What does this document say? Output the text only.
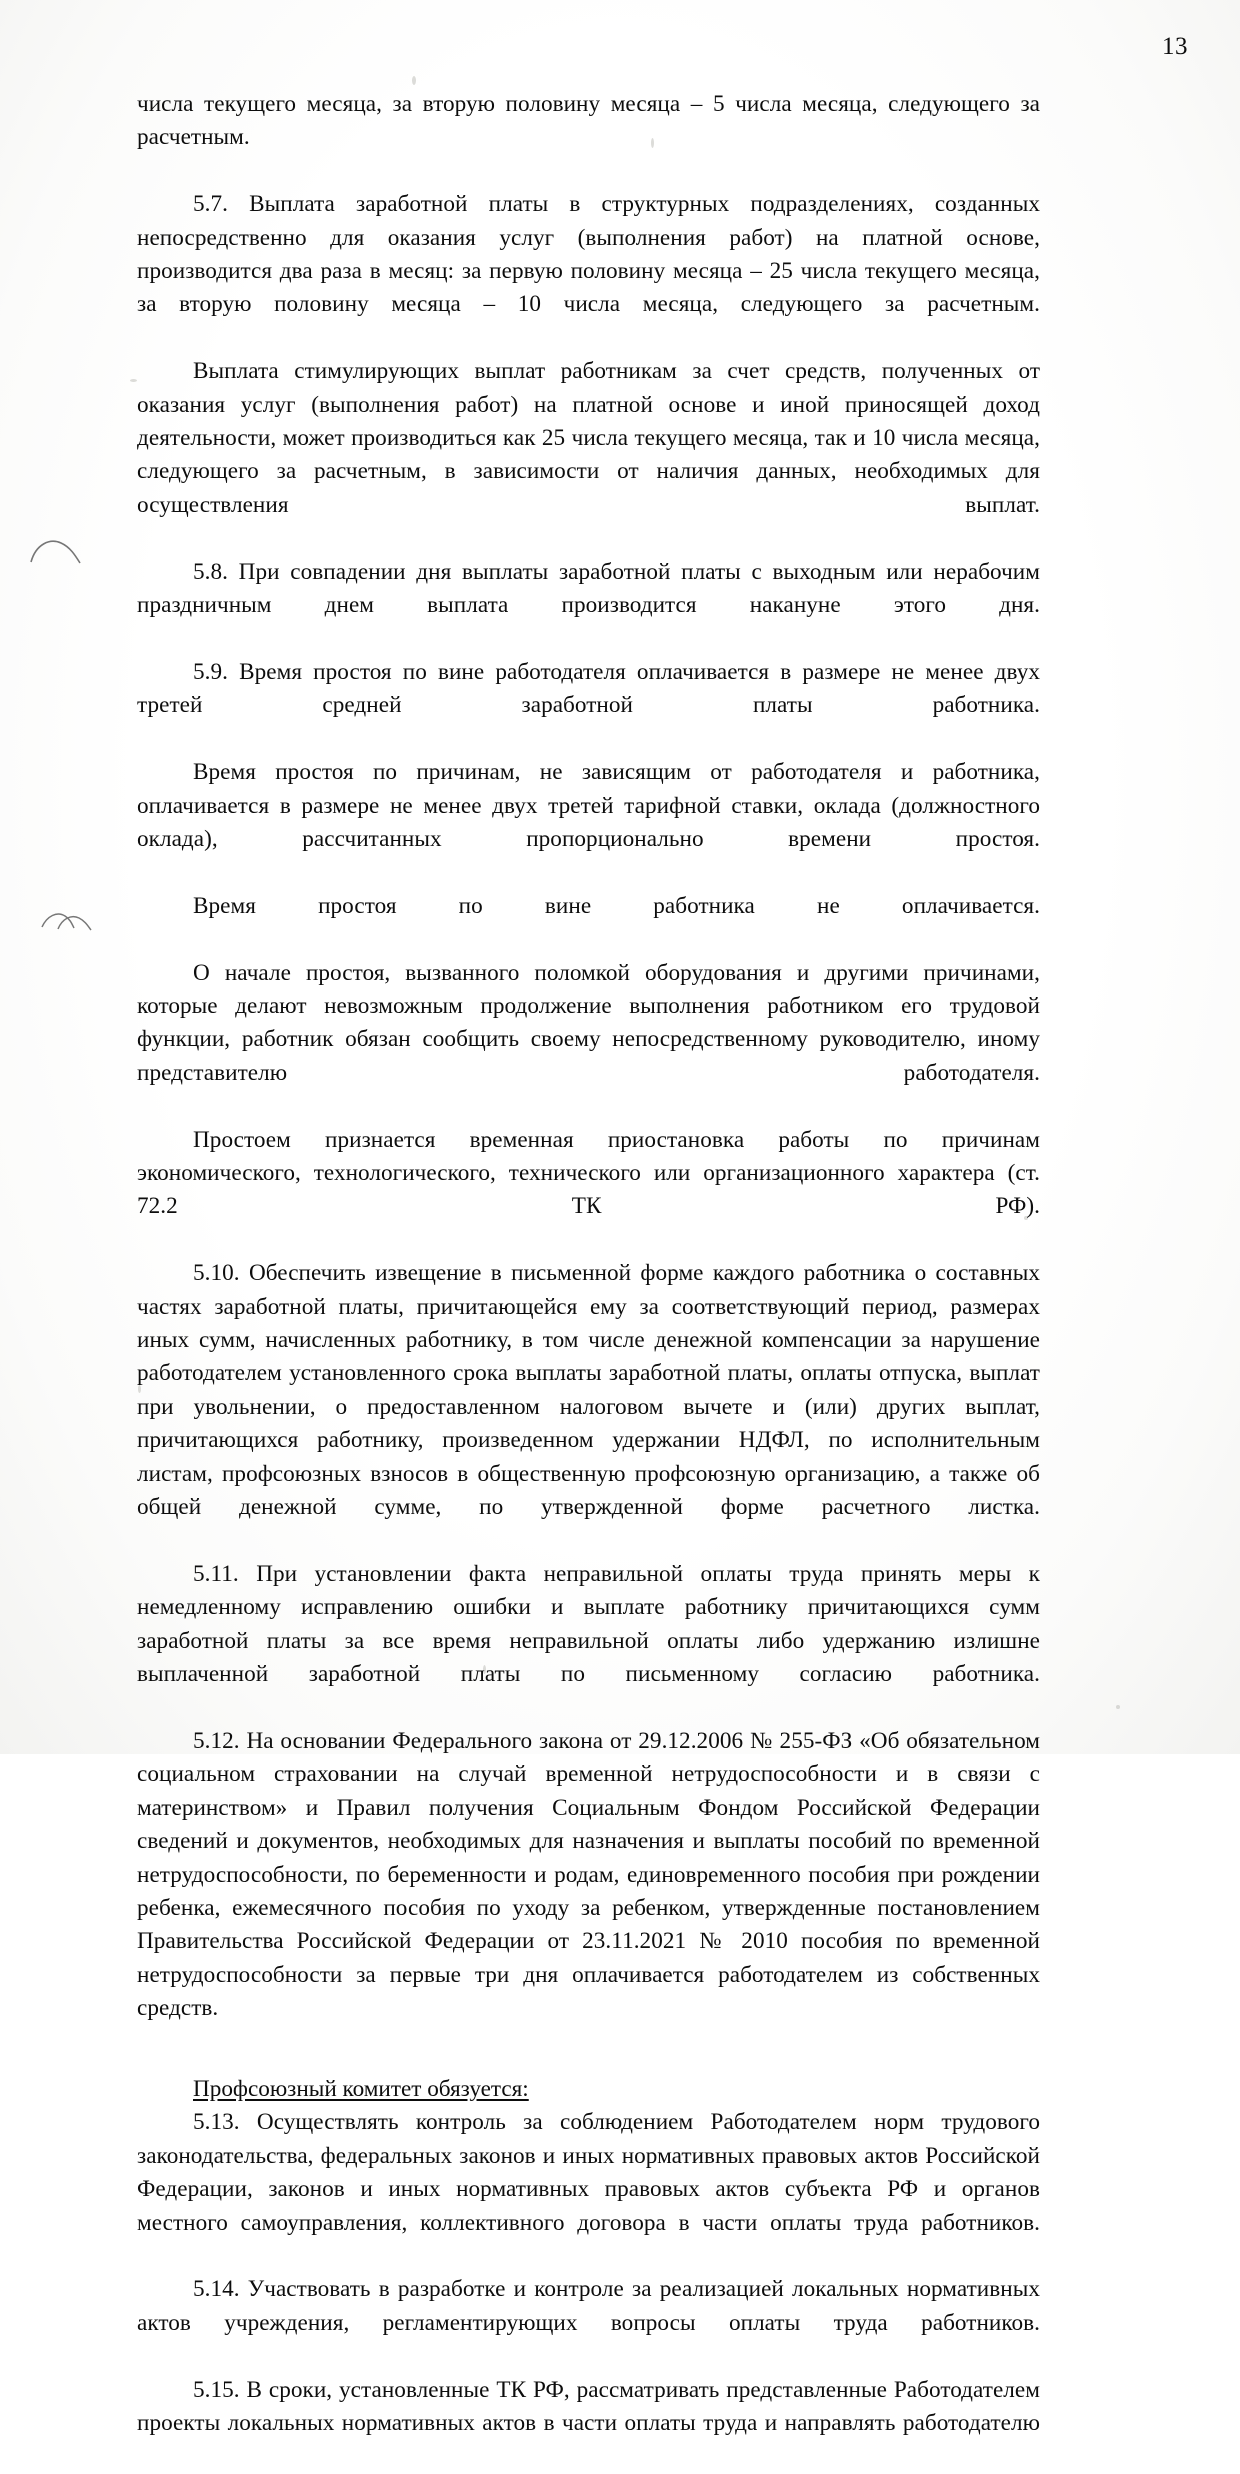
13

числа текущего месяца, за вторую половину месяца – 5 числа месяца, следующего за расчетным.

5.7. Выплата заработной платы в структурных подразделениях, созданных непосредственно для оказания услуг (выполнения работ) на платной основе, производится два раза в месяц: за первую половину месяца – 25 числа текущего месяца, за вторую половину месяца – 10 числа месяца, следующего за расчетным.

Выплата стимулирующих выплат работникам за счет средств, полученных от оказания услуг (выполнения работ) на платной основе и иной приносящей доход деятельности, может производиться как 25 числа текущего месяца, так и 10 числа месяца, следующего за расчетным, в зависимости от наличия данных, необходимых для осуществления выплат.

5.8. При совпадении дня выплаты заработной платы с выходным или нерабочим праздничным днем выплата производится накануне этого дня.

5.9. Время простоя по вине работодателя оплачивается в размере не менее двух третей средней заработной платы работника.

Время простоя по причинам, не зависящим от работодателя и работника, оплачивается в размере не менее двух третей тарифной ставки, оклада (должностного оклада), рассчитанных пропорционально времени простоя.

Время простоя по вине работника не оплачивается.

О начале простоя, вызванного поломкой оборудования и другими причинами, которые делают невозможным продолжение выполнения работником его трудовой функции, работник обязан сообщить своему непосредственному руководителю, иному представителю работодателя.

Простоем признается временная приостановка работы по причинам экономического, технологического, технического или организационного характера (ст. 72.2 ТК РФ).

5.10. Обеспечить извещение в письменной форме каждого работника о составных частях заработной платы, причитающейся ему за соответствующий период, размерах иных сумм, начисленных работнику, в том числе денежной компенсации за нарушение работодателем установленного срока выплаты заработной платы, оплаты отпуска, выплат при увольнении, о предоставленном налоговом вычете и (или) других выплат, причитающихся работнику, произведенном удержании НДФЛ, по исполнительным листам, профсоюзных взносов в общественную профсоюзную организацию, а также об общей денежной сумме, по утвержденной форме расчетного листка.

5.11. При установлении факта неправильной оплаты труда принять меры к немедленному исправлению ошибки и выплате работнику причитающихся сумм заработной платы за все время неправильной оплаты либо удержанию излишне выплаченной заработной платы по письменному согласию работника.

5.12. На основании Федерального закона от 29.12.2006 № 255-ФЗ «Об обязательном социальном страховании на случай временной нетрудоспособности и в связи с материнством» и Правил получения Социальным Фондом Российской Федерации сведений и документов, необходимых для назначения и выплаты пособий по временной нетрудоспособности, по беременности и родам, единовременного пособия при рождении ребенка, ежемесячного пособия по уходу за ребенком, утвержденные постановлением Правительства Российской Федерации от 23.11.2021 № 2010 пособия по временной нетрудоспособности за первые три дня оплачивается работодателем из собственных средств.

Профсоюзный комитет обязуется:

5.13. Осуществлять контроль за соблюдением Работодателем норм трудового законодательства, федеральных законов и иных нормативных правовых актов Российской Федерации, законов и иных нормативных правовых актов субъекта РФ и органов местного самоуправления, коллективного договора в части оплаты труда работников.

5.14. Участвовать в разработке и контроле за реализацией локальных нормативных актов учреждения, регламентирующих вопросы оплаты труда работников.

5.15. В сроки, установленные ТК РФ, рассматривать представленные Работодателем проекты локальных нормативных актов в части оплаты труда и направлять работодателю
